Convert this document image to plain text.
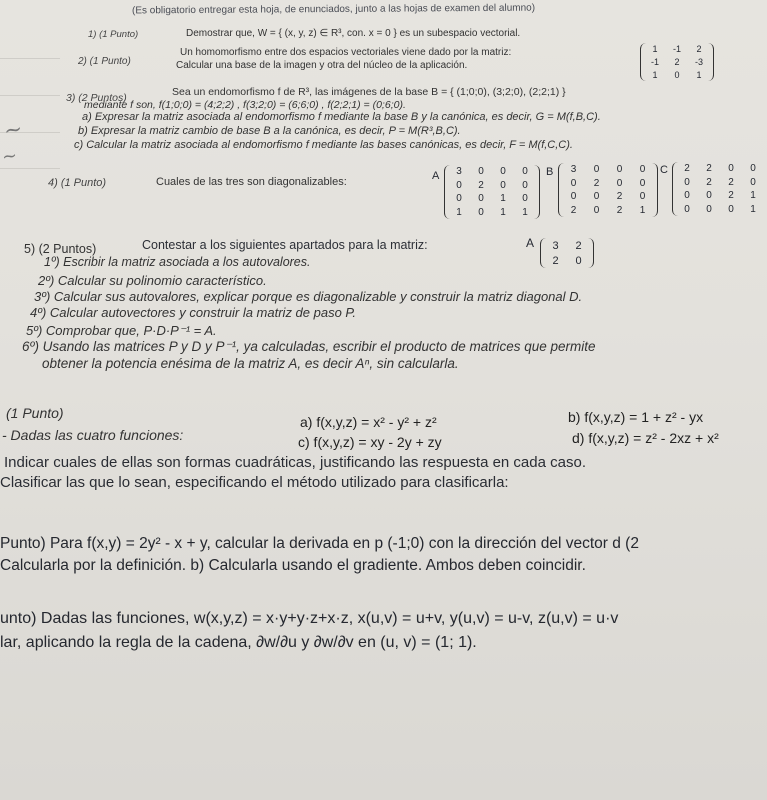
~
~
(Es obligatorio entregar esta hoja, de enunciados, junto a las hojas de examen del alumno)
1) (1 Punto)	Demostrar que, W = { (x, y, z) ∈ R³, con. x = 0 } es un subespacio vectorial.
2) (1 Punto)
Un homomorfismo entre dos espacios vectoriales viene dado por la matriz:
Calcular una base de la imagen y otra del núcleo de la aplicación.
1	-1	2
-1	2	-3
1	0	1
3) (2 Puntos)	Sea un endomorfismo f de R³, las imágenes de la base B = { (1;0;0), (3;2;0), (2;2;1) }
mediante f son, f(1;0;0) = (4;2;2) , f(3;2;0) = (6;6;0) , f(2;2;1) = (0;6;0).
a) Expresar la matriz asociada al endomorfismo f mediante la base B y la canónica, es decir, G = M(f,B,C).
b) Expresar la matriz cambio de base B a la canónica, es decir, P = M(R³,B,C).
c) Calcular la matriz asociada al endomorfismo f mediante las bases canónicas, es decir, F = M(f,C,C).
4) (1 Punto)	Cuales de las tres son diagonalizables:	A	3	0	0	0
0	2	0	0
0	0	1	0
1	0	1	1
B	3	0	0	0
0	2	0	0
0	0	2	0
2	0	2	1
C	2	2	0	0
0	2	2	0
0	0	2	1
0	0	0	1
5) (2 Puntos)	Contestar a los siguientes apartados para la matriz:	A	3	2
2	0
1º) Escribir la matriz asociada a los autovalores.
2º) Calcular su polinomio característico.
3º) Calcular sus autovalores, explicar porque es diagonalizable y construir la matriz diagonal D.
4º) Calcular autovectores y construir la matriz de paso P.
5º) Comprobar que, P·D·P⁻¹ = A.
6º) Usando las matrices P y D y P⁻¹, ya calculadas, escribir el producto de matrices que permite
obtener la potencia enésima de la matriz A, es decir Aⁿ, sin calcularla.
(1 Punto)
- Dadas las cuatro funciones:
a) f(x,y,z) = x² - y² + z²	b) f(x,y,z) = 1 + z² - yx
c) f(x,y,z) = xy - 2y + zy	d) f(x,y,z) = z² - 2xz + x²
Indicar cuales de ellas son formas cuadráticas, justificando las respuesta en cada caso.
Clasificar las que lo sean, especificando el método utilizado para clasificarla:
Punto) Para f(x,y) = 2y² - x + y, calcular la derivada en p (-1;0) con la dirección del vector d (2
Calcularla por la definición. b) Calcularla usando el gradiente. Ambos deben coincidir.
unto) Dadas las funciones, w(x,y,z) = x·y+y·z+x·z, x(u,v) = u+v, y(u,v) = u-v, z(u,v) = u·v
lar, aplicando la regla de la cadena, ∂w/∂u y ∂w/∂v en (u, v) = (1; 1).
